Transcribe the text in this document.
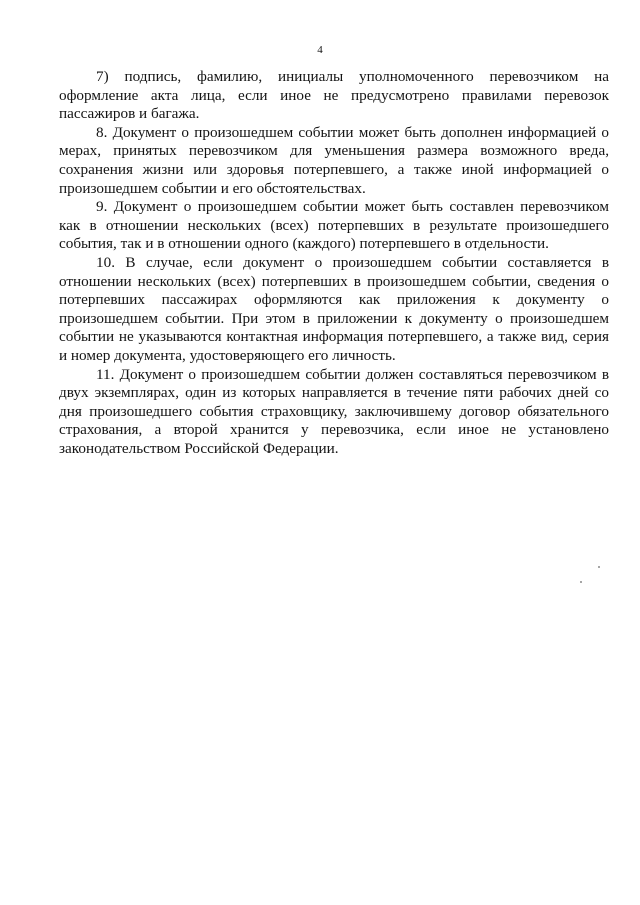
4

7) подпись, фамилию, инициалы уполномоченного перевозчиком на оформление акта лица, если иное не предусмотрено правилами перевозок пассажиров и багажа.

8. Документ о произошедшем событии может быть дополнен информацией о мерах, принятых перевозчиком для уменьшения размера возможного вреда, сохранения жизни или здоровья потерпевшего, а также иной информацией о произошедшем событии и его обстоятельствах.

9. Документ о произошедшем событии может быть составлен перевозчиком как в отношении нескольких (всех) потерпевших в результате произошедшего события, так и в отношении одного (каждого) потерпевшего в отдельности.

10. В случае, если документ о произошедшем событии составляется в отношении нескольких (всех) потерпевших в произошедшем событии, сведения о потерпевших пассажирах оформляются как приложения к документу о произошедшем событии. При этом в приложении к документу о произошедшем событии не указываются контактная информация потерпевшего, а также вид, серия и номер документа, удостоверяющего его личность.

11. Документ о произошедшем событии должен составляться перевозчиком в двух экземплярах, один из которых направляется в течение пяти рабочих дней со дня произошедшего события страховщику, заключившему договор обязательного страхования, а второй хранится у перевозчика, если иное не установлено законодательством Российской Федерации.
